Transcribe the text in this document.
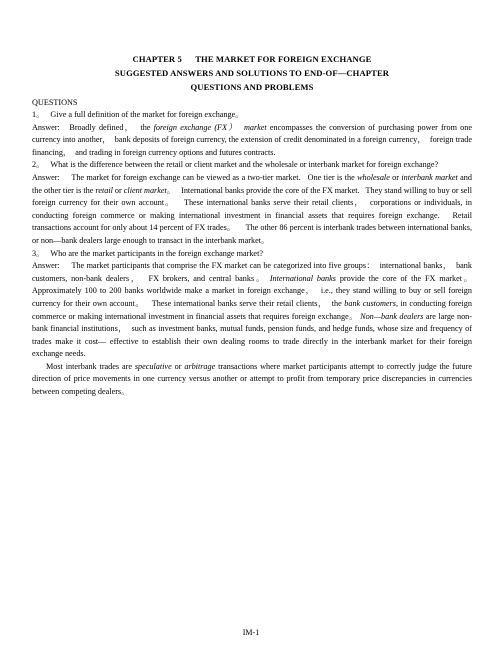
CHAPTER 5      THE MARKET FOR FOREIGN EXCHANGE
SUGGESTED ANSWERS AND SOLUTIONS TO END-OF—CHAPTER
QUESTIONS AND PROBLEMS
QUESTIONS

1。   Give a full definition of the market for foreign exchange。

Answer:   Broadly defined，  the foreign exchange (FX）  market encompasses the conversion of purchasing power from one currency into another，  bank deposits of foreign currency, the extension of credit denominated in a foreign currency，  foreign trade financing，  and trading in foreign currency options and futures contracts.

2。   What is the difference between the retail or client market and the wholesale or interbank market for foreign exchange?

Answer:     The market for foreign exchange can be viewed as a two-tier market.   One tier is the wholesale or interbank market and the other tier is the retail or client market。   International banks provide the core of the FX market.   They stand willing to buy or sell foreign currency for their own account。   These international banks serve their retail clients，  corporations or individuals, in conducting foreign commerce or making international investment in financial assets that requires foreign exchange.   Retail transactions account for only about 14 percent of FX trades。     The other 86 percent is interbank trades between international banks, or non—bank dealers large enough to transact in the interbank market。

3。   Who are the market participants in the foreign exchange market?

Answer:     The market participants that comprise the FX market can be categorized into five groups：  international banks，  bank customers, non-bank dealers，  FX brokers, and central banks。 International banks provide the core of the FX market。     Approximately 100 to 200 banks worldwide make a market in foreign exchange，  i.e., they stand willing to buy or sell foreign currency for their own account。   These international banks serve their retail clients，  the bank customers, in conducting foreign commerce or making international investment in financial assets that requires foreign exchange。 Non—bank dealers are large non-bank financial institutions，  such as investment banks, mutual funds, pension funds, and hedge funds, whose size and frequency of trades make it cost— effective to establish their own dealing rooms to trade directly in the interbank market for their foreign exchange needs.

Most interbank trades are speculative or arbitrage transactions where market participants attempt to correctly judge the future direction of price movements in one currency versus another or attempt to profit from temporary price discrepancies in currencies between competing dealers。

IM-1
